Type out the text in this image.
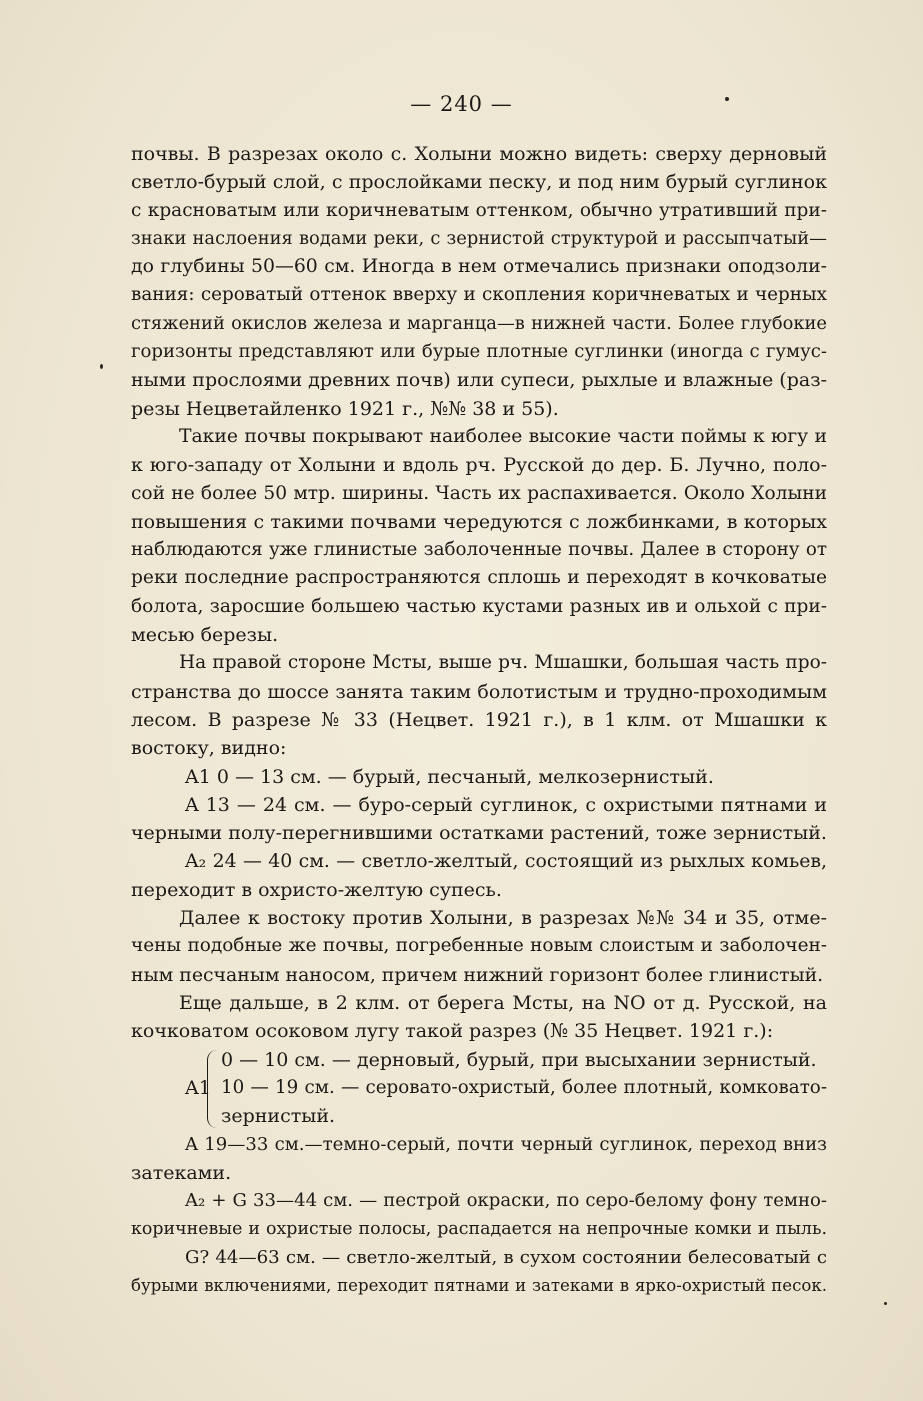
— 240 —
почвы. В разрезах около с. Холыни можно видеть: сверху дерновый
светло-бурый слой, с прослойками песку, и под ним бурый суглинок
с красноватым или коричневатым оттенком, обычно утративший при-
знаки наслоения водами реки, с зернистой структурой и рассыпчатый—
до глубины 50—60 см. Иногда в нем отмечались признаки оподзоли-
вания: сероватый оттенок вверху и скопления коричневатых и черных
стяжений окислов железа и марганца—в нижней части. Более глубокие
горизонты представляют или бурые плотные суглинки (иногда с гумус-
ными прослоями древних почв) или супеси, рыхлые и влажные (раз-
резы Нецветайленко 1921 г., №№ 38 и 55).
Такие почвы покрывают наиболее высокие части поймы к югу и
к юго-западу от Холыни и вдоль рч. Русской до дер. Б. Лучно, поло-
сой не более 50 мтр. ширины. Часть их распахивается. Около Холыни
повышения с такими почвами чередуются с ложбинками, в которых
наблюдаются уже глинистые заболоченные почвы. Далее в сторону от
реки последние распространяются сплошь и переходят в кочковатые
болота, заросшие большею частью кустами разных ив и ольхой с при-
месью березы.
На правой стороне Мсты, выше рч. Мшашки, большая часть про-
странства до шоссе занята таким болотистым и трудно-проходимым
лесом. В разрезе № 33 (Нецвет. 1921 г.), в 1 клм. от Мшашки к
востоку, видно:
A1 0 — 13 см. — бурый, песчаный, мелкозернистый.
A 13 — 24 см. — буро-серый суглинок, с охристыми пятнами и
черными полу-перегнившими остатками растений, тоже зернистый.
A₂ 24 — 40 см. — светло-желтый, состоящий из рыхлых комьев,
переходит в охристо-желтую супесь.
Далее к востоку против Холыни, в разрезах №№ 34 и 35, отме-
чены подобные же почвы, погребенные новым слоистым и заболочен-
ным песчаным наносом, причем нижний горизонт более глинистый.
Еще дальше, в 2 клм. от берега Мсты, на NO от д. Русской, на
кочковатом осоковом лугу такой разрез (№ 35 Нецвет. 1921 г.):
A1
0 — 10 см. — дерновый, бурый, при высыхании зернистый.
10 — 19 см. — серовато-охристый, более плотный, комковато-
зернистый.
A 19—33 см.—темно-серый, почти черный суглинок, переход вниз
затеками.
A₂ + G 33—44 см. — пестрой окраски, по серо-белому фону темно-
коричневые и охристые полосы, распадается на непрочные комки и пыль.
G? 44—63 см. — светло-желтый, в сухом состоянии белесоватый с
бурыми включениями, переходит пятнами и затеками в ярко-охристый песок.
